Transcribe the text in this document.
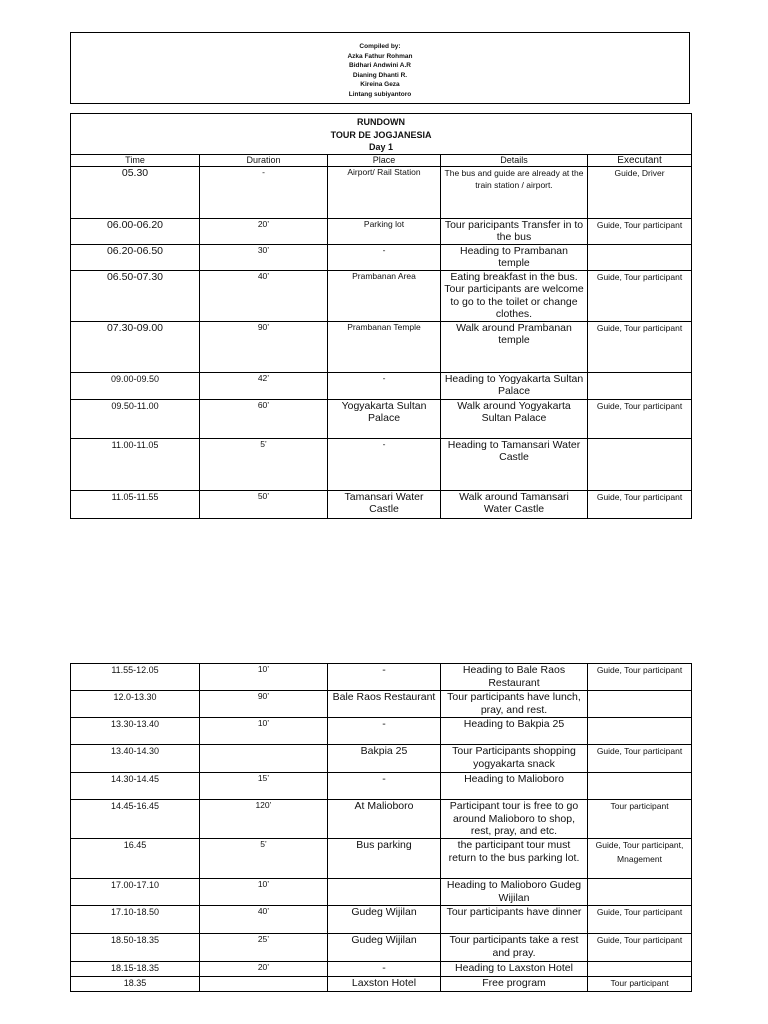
Compiled by:
Azka Fathur Rohman
Bidhari Andwini A.R
Dianing Dhanti R.
Kireina Geza
Lintang subiyantoro
RUNDOWN
TOUR DE JOGJANESIA
Day 1				

Time	Duration	Place	Details	Executant
05.30	-	Airport/ Rail Station	The bus and guide are already at the train station / airport.	Guide, Driver
06.00-06.20	20’	Parking lot	Tour paricipants Transfer in to the bus	Guide, Tour participant
06.20-06.50	30’	-	Heading to Prambanan temple	
06.50-07.30	40’	Prambanan Area	Eating breakfast in the bus. Tour participants are welcome to go to the toilet or change clothes.	Guide, Tour participant
07.30-09.00	90’	Prambanan Temple	Walk around Prambanan temple	Guide, Tour participant
09.00-09.50	42’	-	Heading to Yogyakarta Sultan Palace	
09.50-11.00	60’	Yogyakarta Sultan Palace	Walk around Yogyakarta Sultan Palace	Guide, Tour participant
11.00-11.05	5’	-	Heading to Tamansari Water Castle	
11.05-11.55	50’	Tamansari Water Castle	Walk around Tamansari Water Castle	Guide, Tour participant
11.55-12.05	10’	-	Heading to Bale Raos Restaurant	Guide, Tour participant
12.0-13.30	90’	Bale Raos Restaurant	Tour participants have lunch, pray, and rest.	
13.30-13.40	10’	-	Heading to Bakpia 25	
13.40-14.30		Bakpia 25	Tour Participants shopping yogyakarta snack	Guide, Tour participant
14.30-14.45	15’	-	Heading to Malioboro	
14.45-16.45	120’	At Malioboro	Participant tour is free to go around Malioboro to shop, rest, pray, and etc.	Tour participant
16.45	5’	Bus parking	the participant tour must return to the bus parking lot.	Guide, Tour participant, Mnagement
17.00-17.10	10’		Heading to Malioboro Gudeg Wijilan	
17.10-18.50	40’	Gudeg Wijilan	Tour participants have dinner	Guide, Tour participant
18.50-18.35	25’	Gudeg Wijilan	Tour participants take a rest and pray.	Guide, Tour participant
18.15-18.35	20’	-	Heading to Laxston Hotel	
18.35		Laxston Hotel	Free program	Tour participant
